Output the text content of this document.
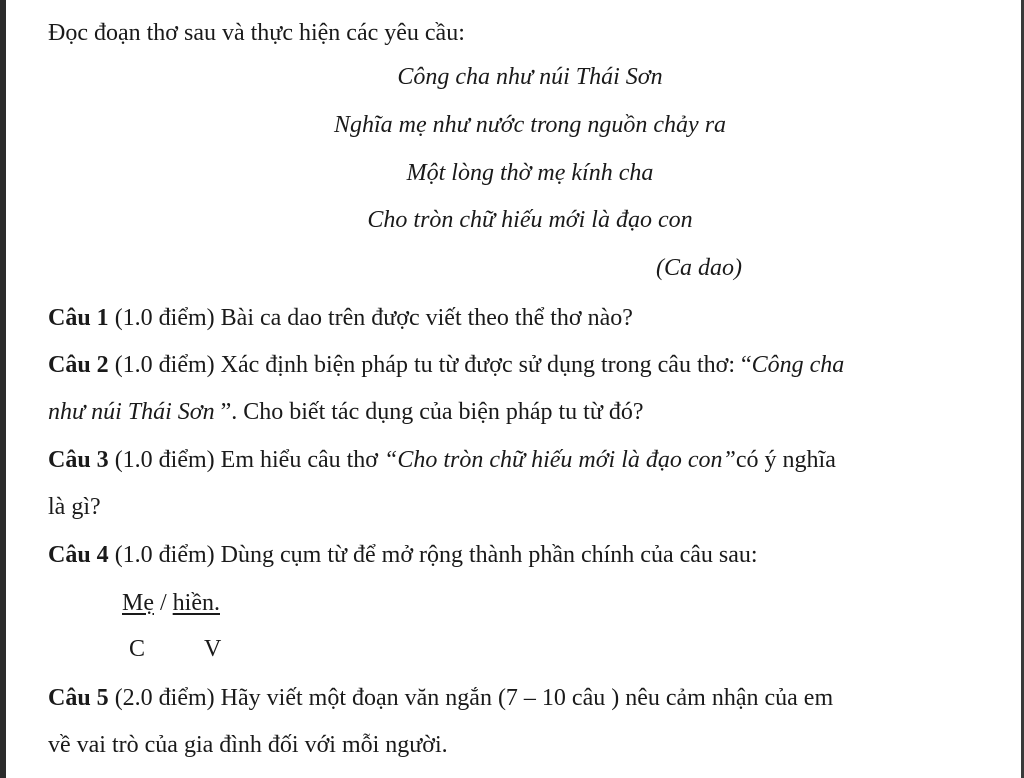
Đọc đoạn thơ sau và thực hiện các yêu cầu:
Công cha như núi Thái Sơn
Nghĩa mẹ như nước trong nguồn chảy ra
Một lòng thờ mẹ kính cha
Cho tròn chữ hiếu mới là đạo con
(Ca dao)
Câu 1 (1.0 điểm) Bài ca dao trên được viết theo thể thơ nào?
Câu 2 (1.0 điểm) Xác định biện pháp tu từ được sử dụng trong câu thơ: “Công cha
như núi Thái Sơn ”. Cho biết tác dụng của biện pháp tu từ đó?
Câu 3 (1.0 điểm) Em hiểu câu thơ “Cho tròn chữ hiếu mới là đạo con”có ý nghĩa
là gì?
Câu 4 (1.0 điểm) Dùng cụm từ để mở rộng thành phần chính của câu sau:
Mẹ / hiền.
C V
Câu 5 (2.0 điểm) Hãy viết một đoạn văn ngắn (7 – 10 câu ) nêu cảm nhận của em
về vai trò của gia đình đối với mỗi người.
